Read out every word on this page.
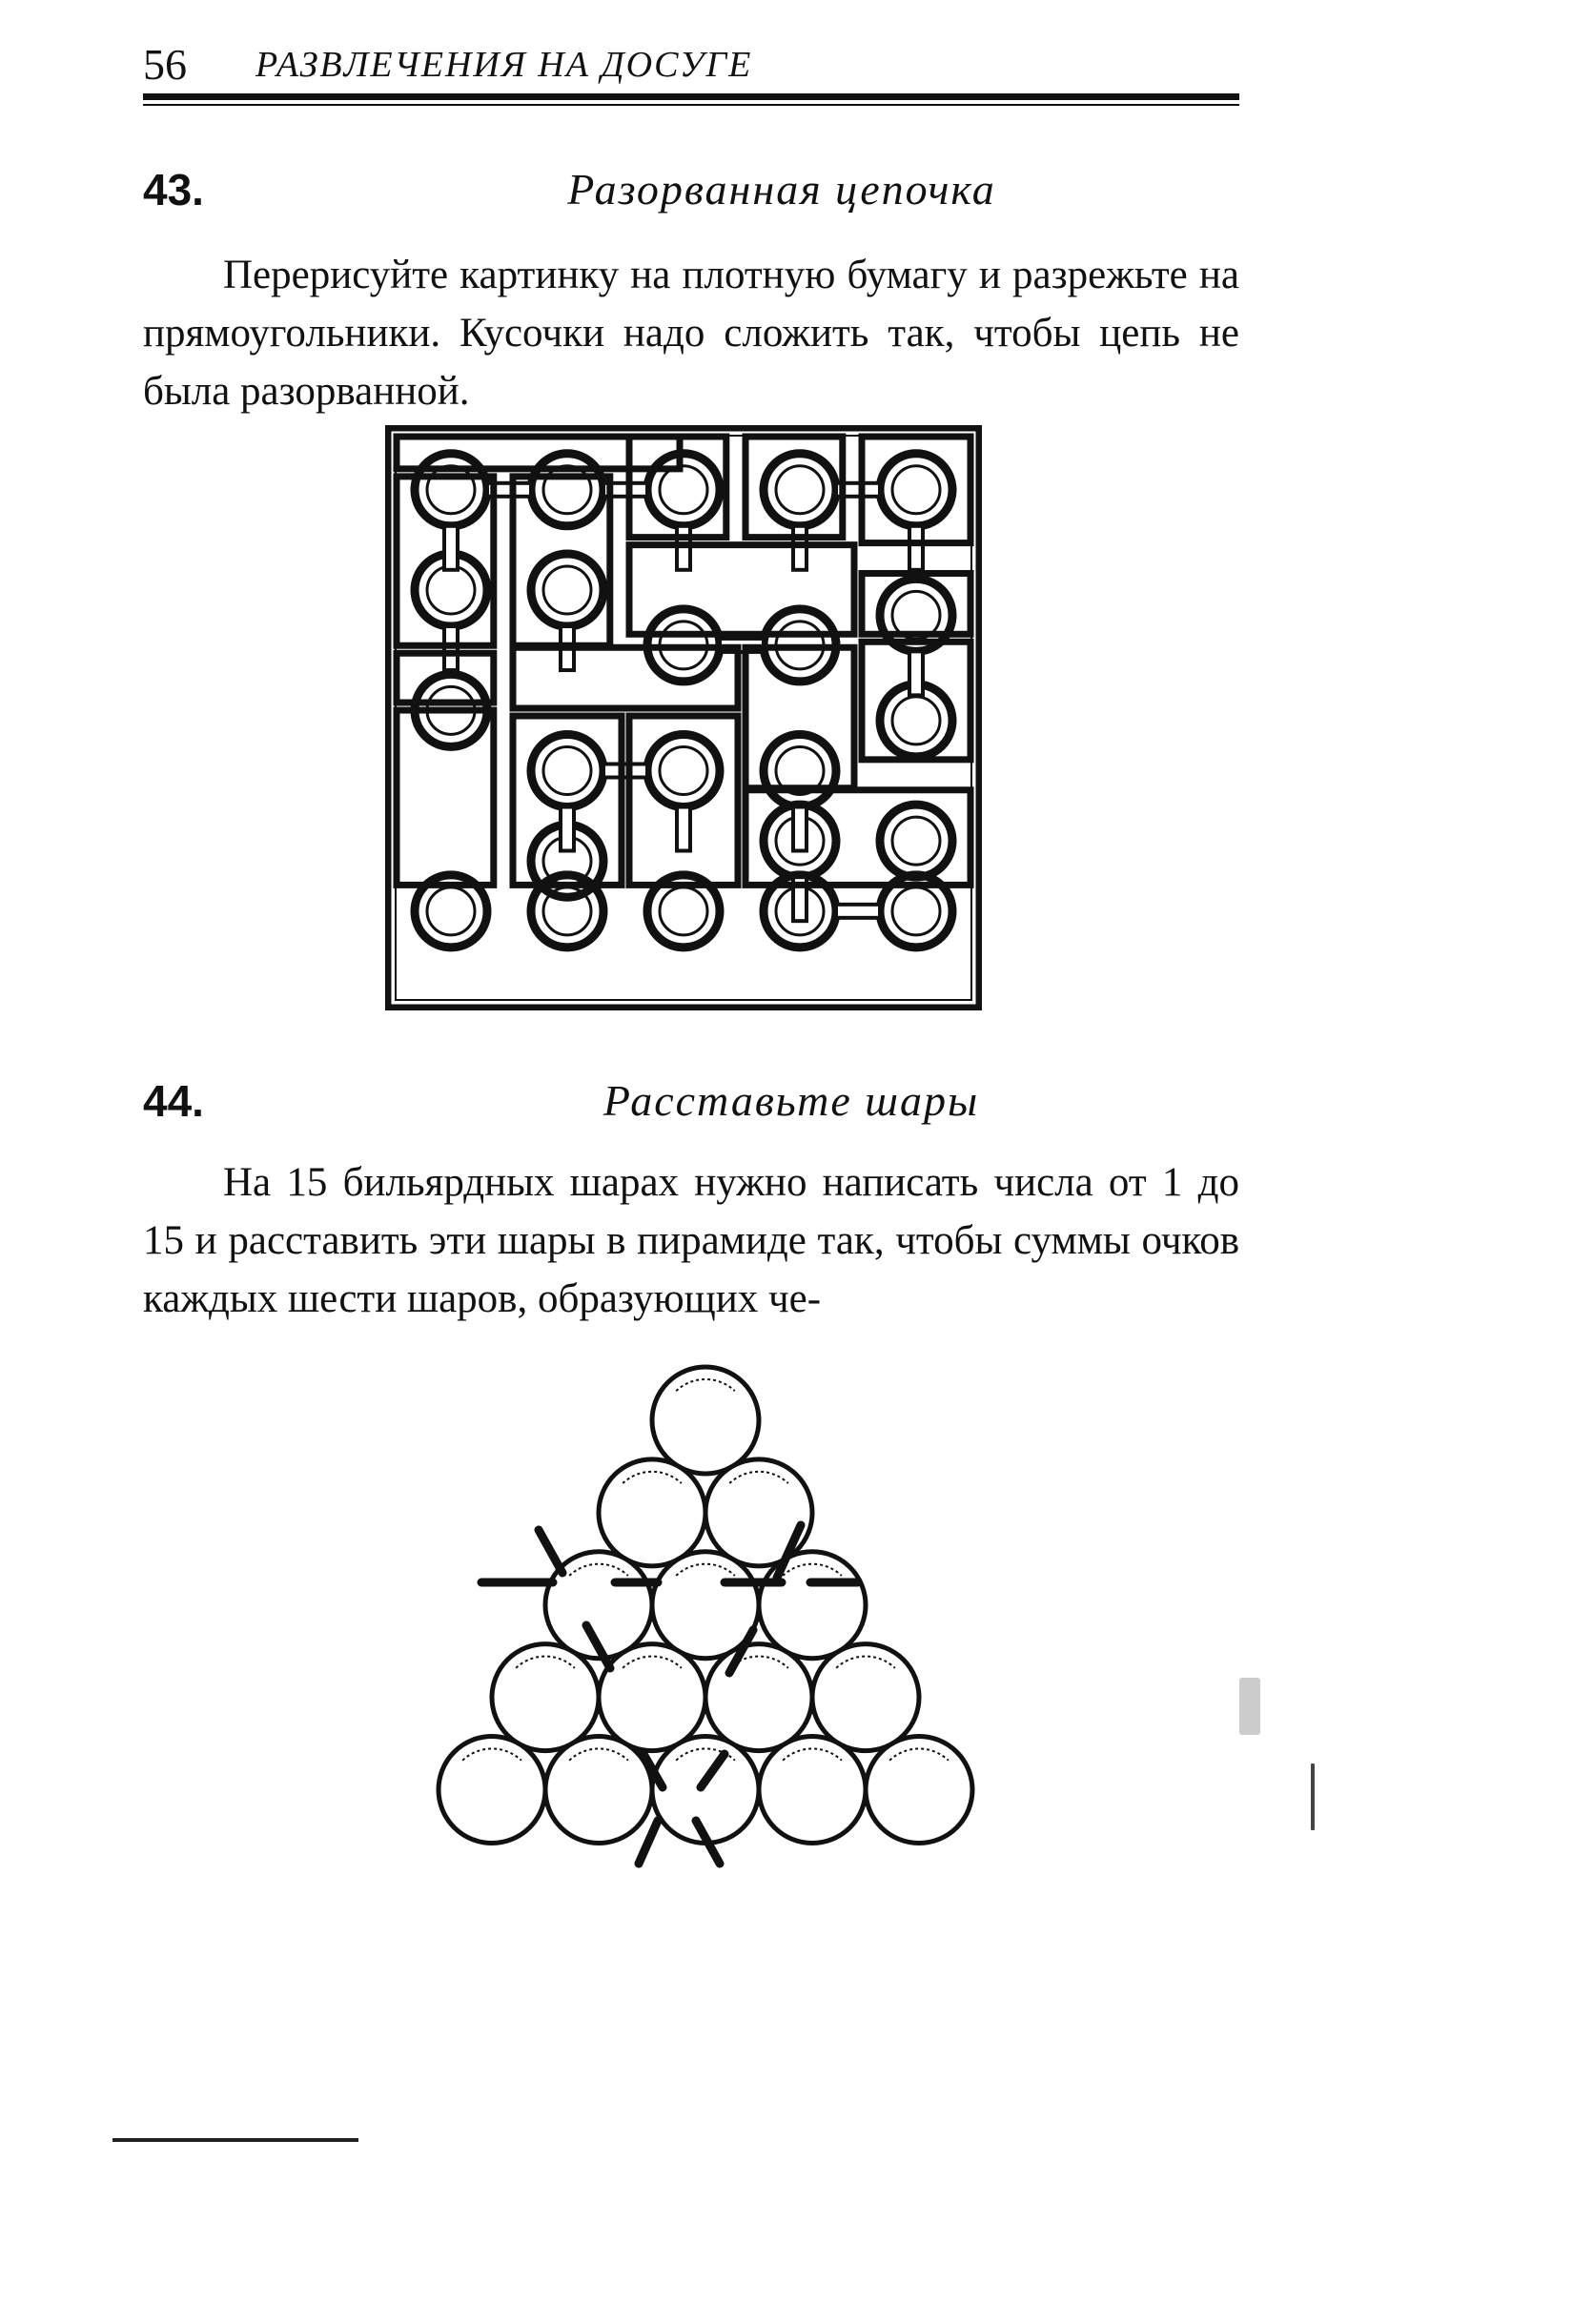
56 РАЗВЛЕЧЕНИЯ НА ДОСУГЕ
43.	Разорванная цепочка

Перерисуйте картинку на плотную бумагу и разрежьте на прямоугольники. Кусочки надо сложить так, чтобы цепь не была разорванной.

44.	Расставьте шары

На 15 бильярдных шарах нужно написать числа от 1 до 15 и расставить эти шары в пирамиде так, чтобы суммы очков каждых шести шаров, образующих че-
